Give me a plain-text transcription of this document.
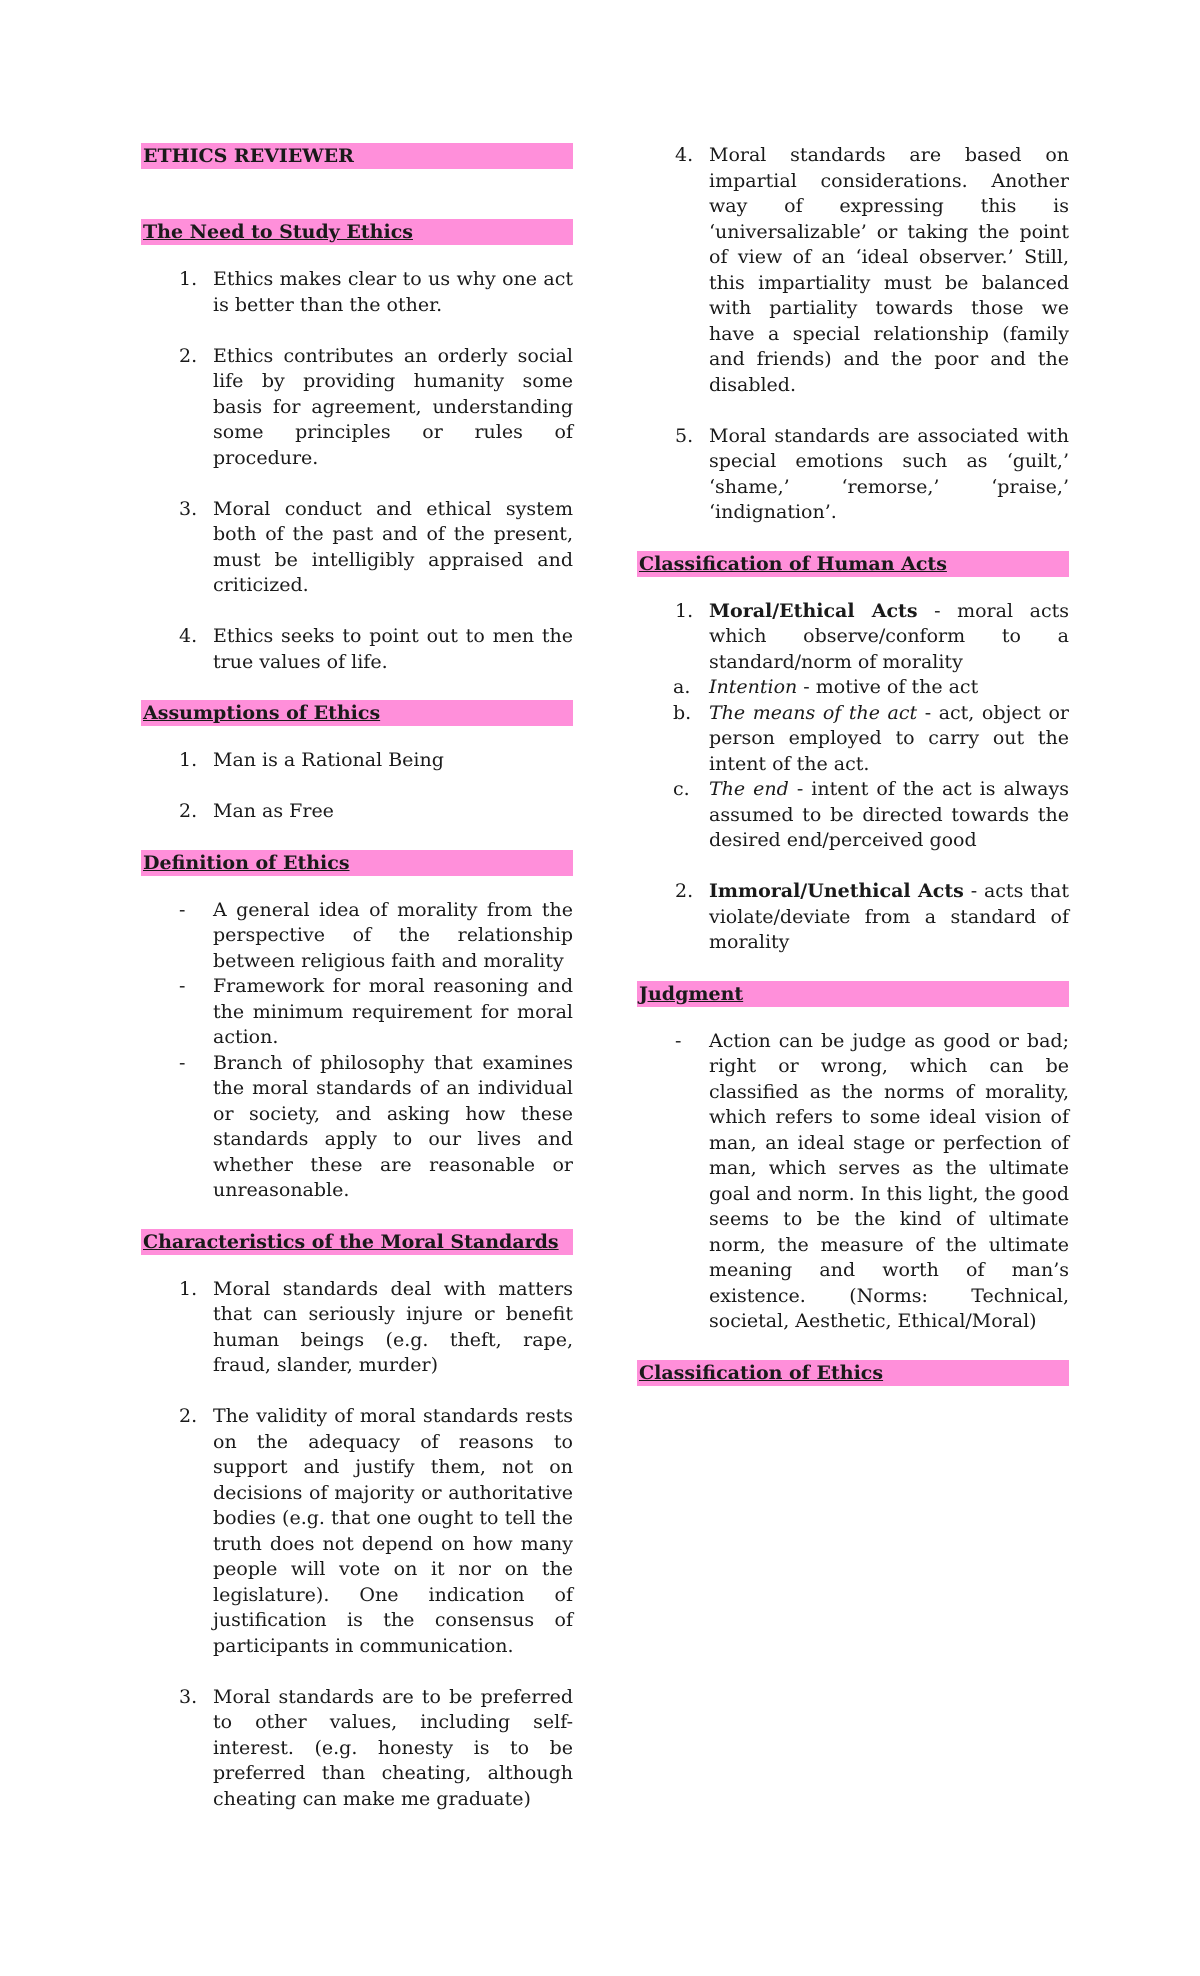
ETHICS REVIEWER
The Need to Study Ethics
1. Ethics makes clear to us why one act is better than the other.
2. Ethics contributes an orderly social life by providing humanity some basis for agreement, understanding some principles or rules of procedure.
3. Moral conduct and ethical system both of the past and of the present, must be intelligibly appraised and criticized.
4. Ethics seeks to point out to men the true values of life.
Assumptions of Ethics
1. Man is a Rational Being
2. Man as Free
Definition of Ethics
- A general idea of morality from the perspective of the relationship between religious faith and morality
- Framework for moral reasoning and the minimum requirement for moral action.
- Branch of philosophy that examines the moral standards of an individual or society, and asking how these standards apply to our lives and whether these are reasonable or unreasonable.
Characteristics of the Moral Standards
1. Moral standards deal with matters that can seriously injure or benefit human beings (e.g. theft, rape, fraud, slander, murder)
2. The validity of moral standards rests on the adequacy of reasons to support and justify them, not on decisions of majority or authoritative bodies (e.g. that one ought to tell the truth does not depend on how many people will vote on it nor on the legislature). One indication of justification is the consensus of participants in communication.
3. Moral standards are to be preferred to other values, including self-interest. (e.g. honesty is to be preferred than cheating, although cheating can make me graduate)
4. Moral standards are based on impartial considerations. Another way of expressing this is ‘universalizable’ or taking the point of view of an ‘ideal observer.’ Still, this impartiality must be balanced with partiality towards those we have a special relationship (family and friends) and the poor and the disabled.
5. Moral standards are associated with special emotions such as ‘guilt,’ ‘shame,’ ‘remorse,’ ‘praise,’ ‘indignation’.
Classification of Human Acts
1. Moral/Ethical Acts - moral acts which observe/conform to a standard/norm of morality
a. Intention - motive of the act
b. The means of the act - act, object or person employed to carry out the intent of the act.
c. The end - intent of the act is always assumed to be directed towards the desired end/perceived good
2. Immoral/Unethical Acts - acts that violate/deviate from a standard of morality
Judgment
- Action can be judge as good or bad; right or wrong, which can be classified as the norms of morality, which refers to some ideal vision of man, an ideal stage or perfection of man, which serves as the ultimate goal and norm. In this light, the good seems to be the kind of ultimate norm, the measure of the ultimate meaning and worth of man’s existence. (Norms: Technical, societal, Aesthetic, Ethical/Moral)
Classification of Ethics
